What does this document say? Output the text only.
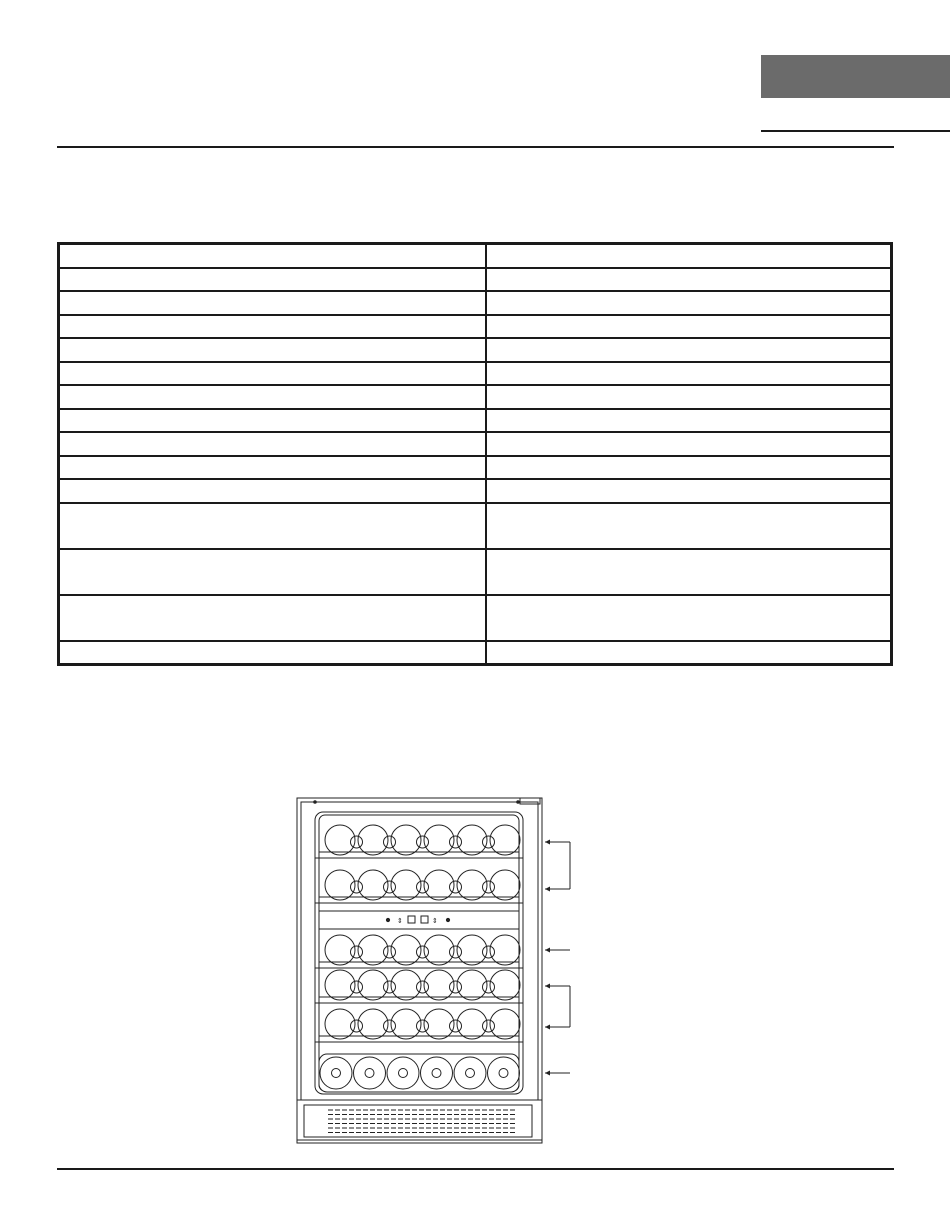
⇕	⇕
